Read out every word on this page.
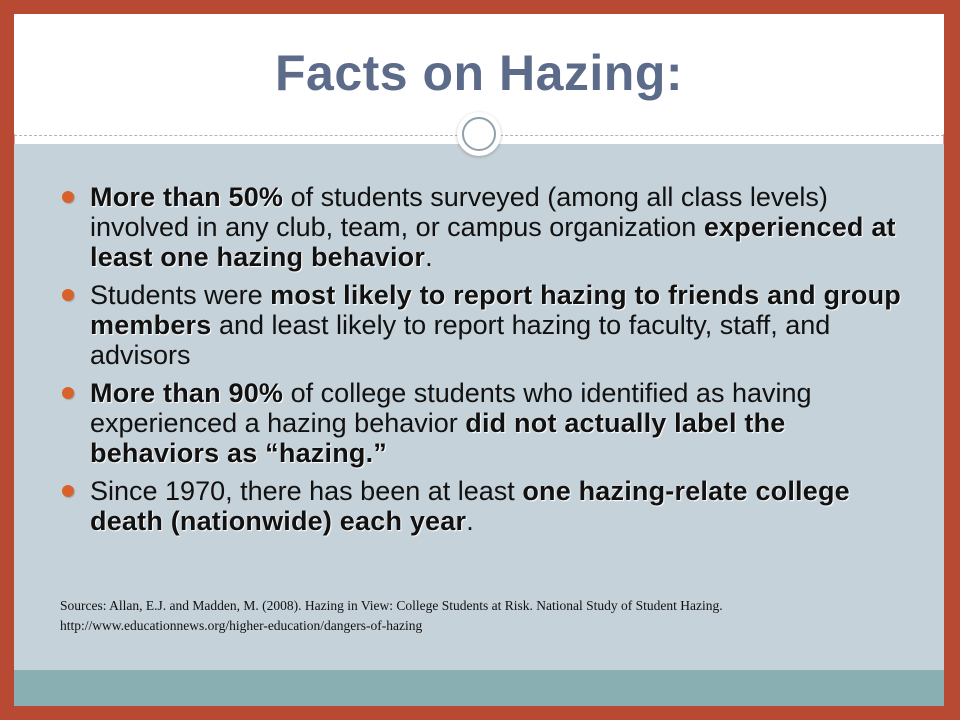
Facts on Hazing:
More than 50% of students surveyed (among all class levels) involved in any club, team, or campus organization experienced at least one hazing behavior.
Students were most likely to report hazing to friends and group members and least likely to report hazing to faculty, staff, and advisors
More than 90% of college students who identified as having experienced a hazing behavior did not actually label the behaviors as “hazing.”
Since 1970, there has been at least one hazing-relate college death (nationwide) each year.
Sources: Allan, E.J. and Madden, M. (2008). Hazing in View: College Students at Risk. National Study of Student Hazing.
http://www.educationnews.org/higher-education/dangers-of-hazing
